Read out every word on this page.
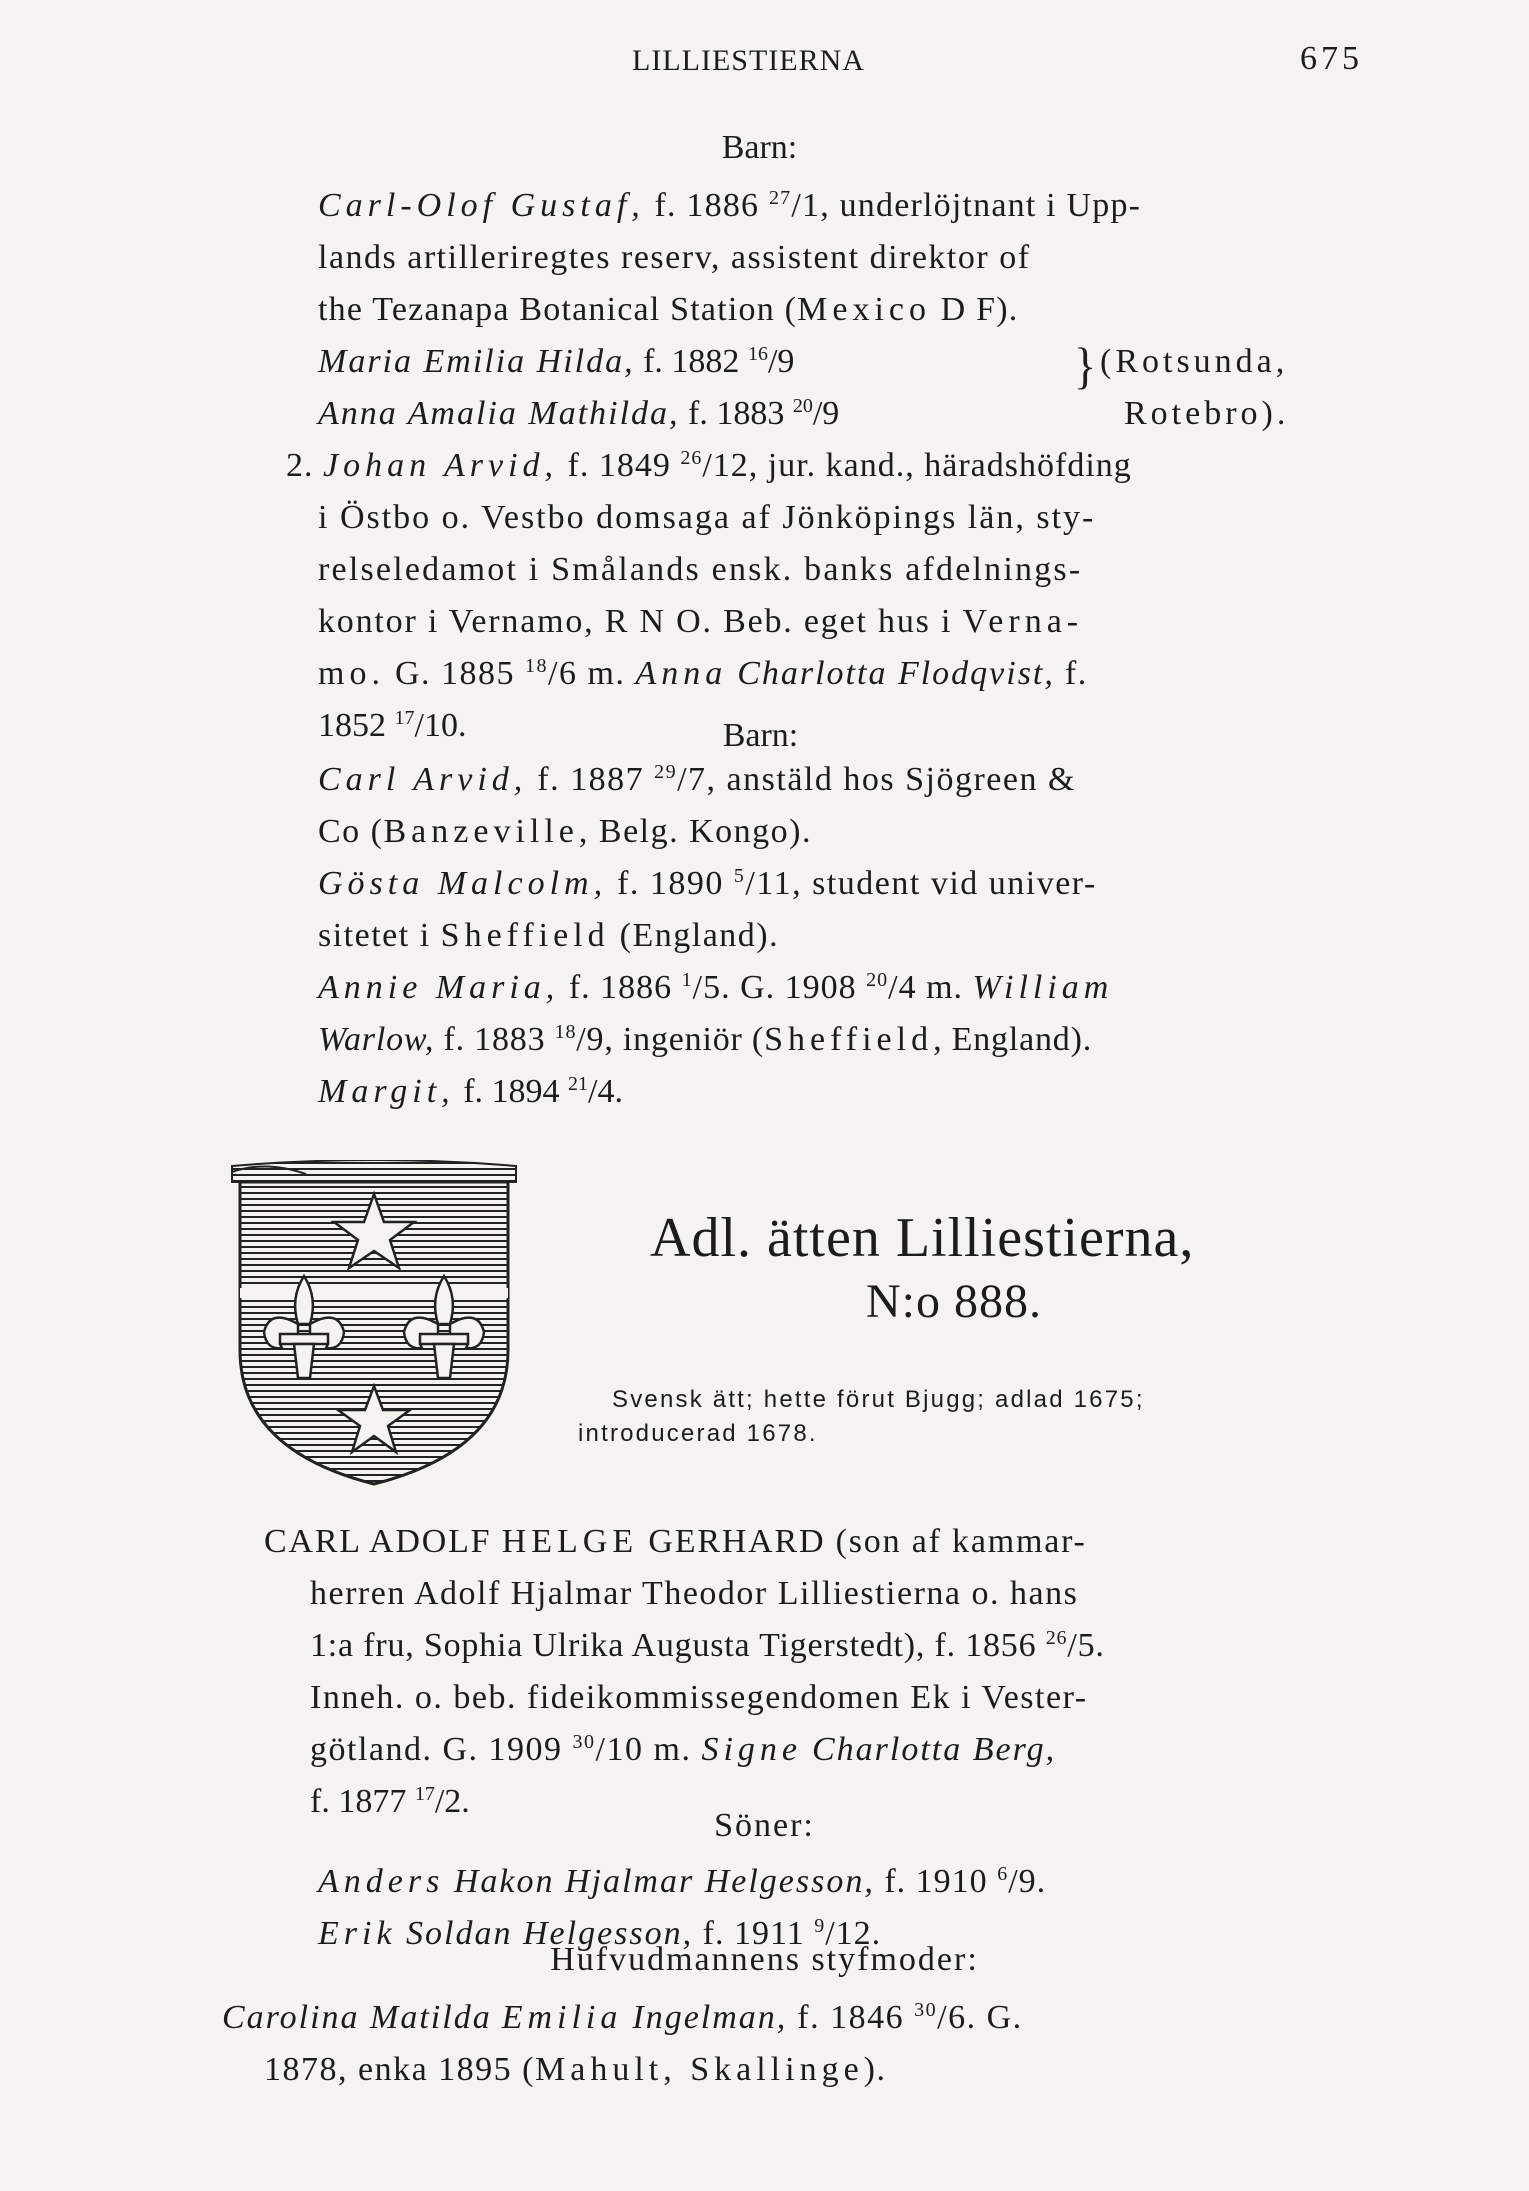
LILLIESTIERNA	675
Barn:
Carl-Olof Gustaf, f. 1886 $^{27}$/1, underlöjtnant i Upp-
lands artilleriregtes reserv, assistent direktor of
the Tezanapa Botanical Station (Mexico D F).
Maria Emilia Hilda, f. 1882 $^{16}$/9	(Rotsunda,
Anna Amalia Mathilda, f. 1883 $^{20}$/9	Rotebro).
}
2. Johan Arvid, f. 1849 $^{26}$/12, jur. kand., häradshöfding
i Östbo o. Vestbo domsaga af Jönköpings län, sty-
relseledamot i Smålands ensk. banks afdelnings-
kontor i Vernamo, R N O. Beb. eget hus i Verna-
mo. G. 1885 $^{18}$/6 m. Anna Charlotta Flodqvist, f.
1852 $^{17}$/10.	Barn:
Carl Arvid, f. 1887 $^{29}$/7, anstäld hos Sjögreen &
Co (Banzeville, Belg. Kongo).
Gösta Malcolm, f. 1890 $^5$/11, student vid univer-
sitetet i Sheffield (England).
Annie Maria, f. 1886 $^1$/5. G. 1908 $^{20}$/4 m. William
Warlow, f. 1883 $^{18}$/9, ingeniör (Sheffield, England).
Margit, f. 1894 $^{21}$/4.
Adl. ätten Lilliestierna,
N:o 888.
Svensk ätt; hette förut Bjugg; adlad 1675;
introducerad 1678.
CARL ADOLF HELGE GERHARD (son af kammar-
herren Adolf Hjalmar Theodor Lilliestierna o. hans
1:a fru, Sophia Ulrika Augusta Tigerstedt), f. 1856 $^{26}$/5.
Inneh. o. beb. fideikommissegendomen Ek i Vester-
götland. G. 1909 $^{30}$/10 m. Signe Charlotta Berg,
f. 1877 $^{17}$/2.
Söner:
Anders Hakon Hjalmar Helgesson, f. 1910 $^6$/9.
Erik Soldan Helgesson, f. 1911 $^9$/12.
Hufvudmannens styfmoder:
Carolina Matilda Emilia Ingelman, f. 1846 $^{30}$/6. G.
1878, enka 1895 (Mahult, Skallinge).
